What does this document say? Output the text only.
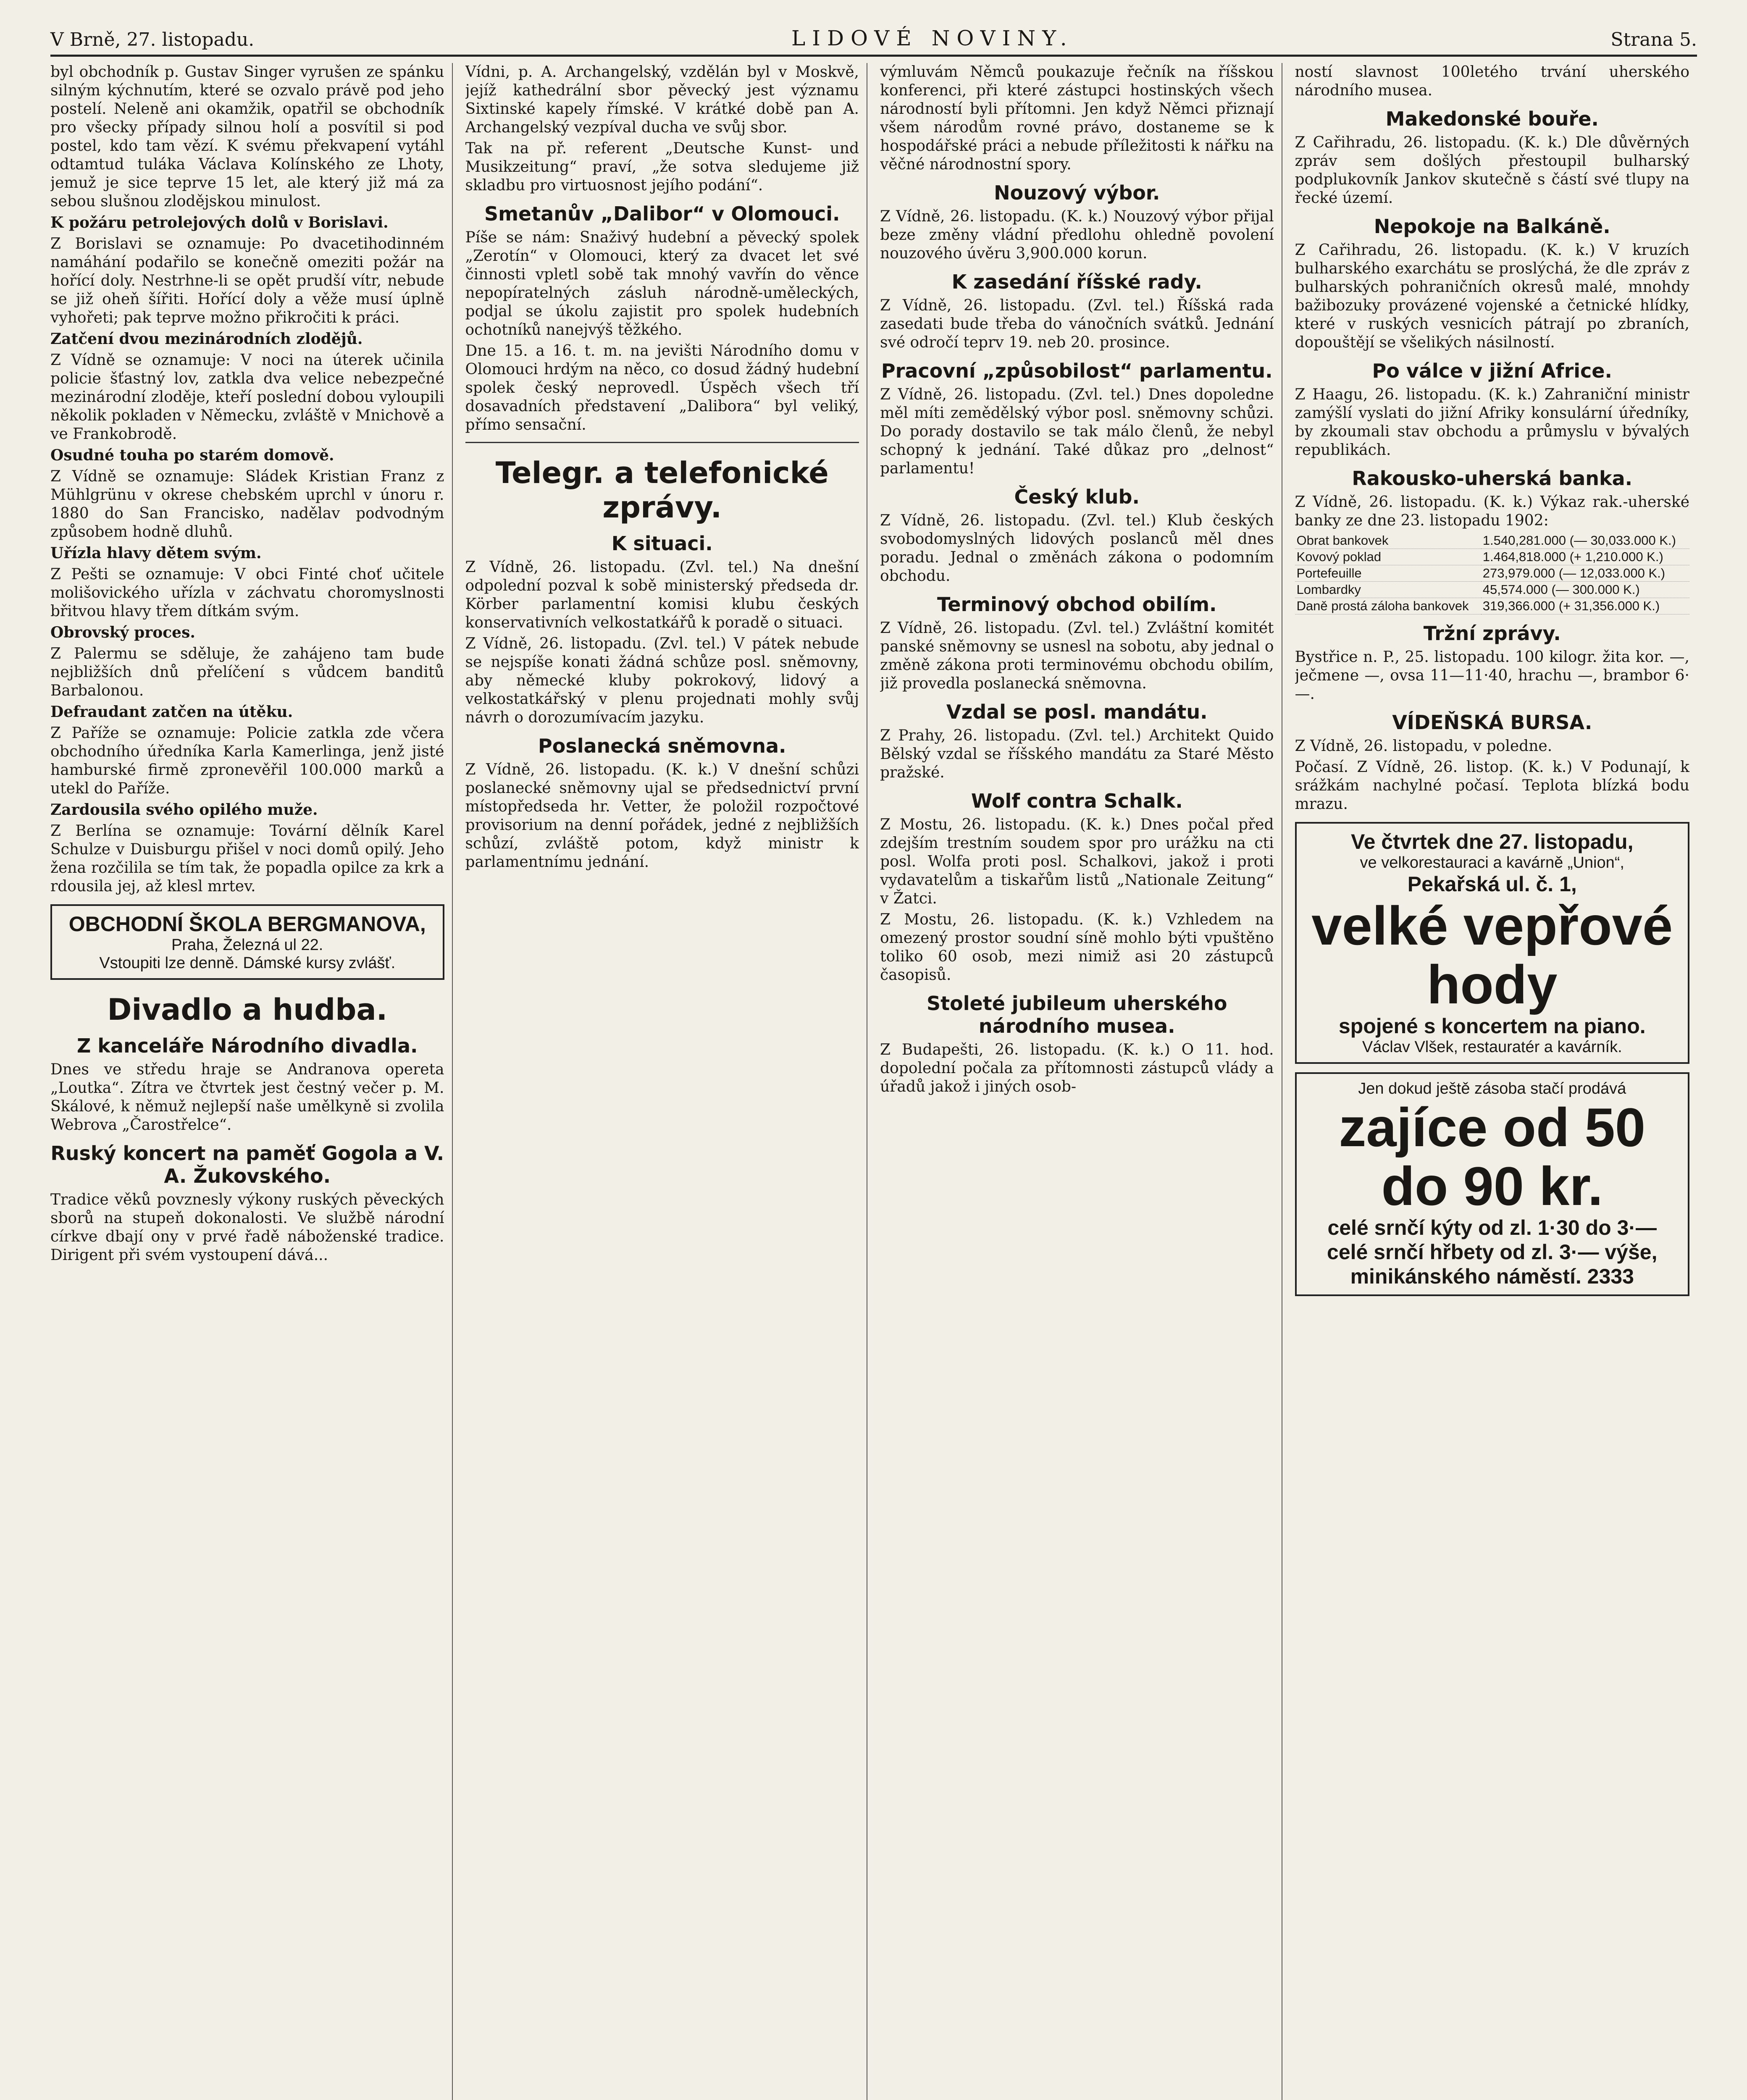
V Brně, 27. listopadu.	LIDOVÉ NOVINY.	Strana 5.

byl obchodník p. Gustav Singer vyrušen ze spánku silným kýchnutím, které se ozvalo právě pod jeho postelí. Neleně ani okamžik, opatřil se obchodník pro všecky případy silnou holí a posvítil si pod postel, kdo tam vězí. K svému překvapení vytáhl odtamtud tuláka Václava Kolínského ze Lhoty, jemuž je sice teprve 15 let, ale který již má za sebou slušnou zlodějskou minulost.

K požáru petrolejových dolů v Borislavi.

Z Borislavi se oznamuje: Po dvacetihodinném namáhání podařilo se konečně omeziti požár na hořící doly. Nestrhne-li se opět prudší vítr, nebude se již oheň šířiti. Hořící doly a věže musí úplně vyhořeti; pak teprve možno přikročiti k práci.

Zatčení dvou mezinárodních zlodějů.

Z Vídně se oznamuje: V noci na úterek učinila policie šťastný lov, zatkla dva velice nebezpečné mezinárodní zloděje, kteří poslední dobou vyloupili několik pokladen v Německu, zvláště v Mnichově a ve Frankobrodě.

Osudné touha po starém domově.

Z Vídně se oznamuje: Sládek Kristian Franz z Mühlgrünu v okrese chebském uprchl v únoru r. 1880 do San Francisko, nadělav podvodným způsobem hodně dluhů.

Uřízla hlavy dětem svým.

Z Pešti se oznamuje: V obci Finté choť učitele molišovického uřízla v záchvatu choromyslnosti břitvou hlavy třem dítkám svým.

Obrovský proces.

Z Palermu se sděluje, že zahájeno tam bude nejbližších dnů přelíčení s vůdcem banditů Barbalonou.

Defraudant zatčen na útěku.

Z Paříže se oznamuje: Policie zatkla zde včera obchodního úředníka Karla Kamerlinga, jenž jisté hamburské firmě zpronevěřil 100.000 marků a utekl do Paříže.

Zardousila svého opilého muže.

Z Berlína se oznamuje: Tovární dělník Karel Schulze v Duisburgu přišel v noci domů opilý. Jeho žena rozčilila se tím tak, že popadla opilce za krk a rdousila jej, až klesl mrtev.

OBCHODNÍ ŠKOLA BERGMANOVA,
Praha, Železná ul 22.
Vstoupiti lze denně. Dámské kursy zvlášť.
Divadlo a hudba.
Z kanceláře Národního divadla.

Dnes ve středu hraje se Andranova opereta „Loutka“. Zítra ve čtvrtek jest čestný večer p. M. Skálové, k němuž nejlepší naše umělkyně si zvolila Webrova „Čarostřelce“.

Ruský koncert na paměť Gogola a V. A. Žukovského.

Tradice věků povznesly výkony ruských pěveckých sborů na stupeň dokonalosti. Ve službě národní církve dbají ony v prvé řadě náboženské tradice. Dirigent při svém vystoupení dává...

Vídni, p. A. Archangelský, vzdělán byl v Moskvě, jejíž kathedrální sbor pěvecký jest významu Sixtinské kapely římské. V krátké době pan A. Archangelský vezpíval ducha ve svůj sbor.

Tak na př. referent „Deutsche Kunst- und Musikzeitung“ praví, „že sotva sledujeme již skladbu pro virtuosnost jejího podání“.

Smetanův „Dalibor“ v Olomouci.

Píše se nám: Snaživý hudební a pěvecký spolek „Zerotín“ v Olomouci, který za dvacet let své činnosti vpletl sobě tak mnohý vavřín do věnce nepopíratelných zásluh národně-uměleckých, podjal se úkolu zajistit pro spolek hudebních ochotníků nanejvýš těžkého.

Dne 15. a 16. t. m. na jevišti Národního domu v Olomouci hrdým na něco, co dosud žádný hudební spolek český neprovedl. Úspěch všech tří dosavadních představení „Dalibora“ byl veliký, přímo sensační.

Telegr. a telefonické zprávy.
K situaci.

Z Vídně, 26. listopadu. (Zvl. tel.) Na dnešní odpolední pozval k sobě ministerský předseda dr. Körber parlamentní komisi klubu českých konservativních velkostatkářů k poradě o situaci.

Z Vídně, 26. listopadu. (Zvl. tel.) V pátek nebude se nejspíše konati žádná schůze posl. sněmovny, aby německé kluby pokrokový, lidový a velkostatkářský v plenu projednati mohly svůj návrh o dorozumívacím jazyku.

Poslanecká sněmovna.

Z Vídně, 26. listopadu. (K. k.) V dnešní schůzi poslanecké sněmovny ujal se předsednictví první místopředseda hr. Vetter, že položil rozpočtové provisorium na denní pořádek, jedné z nejbližších schůzí, zvláště potom, když ministr k parlamentnímu jednání.

výmluvám Němců poukazuje řečník na říšskou konferenci, při které zástupci hostinských všech národností byli přítomni. Jen když Němci přiznají všem národům rovné právo, dostaneme se k hospodářské práci a nebude příležitosti k nářku na věčné národnostní spory.

Nouzový výbor.

Z Vídně, 26. listopadu. (K. k.) Nouzový výbor přijal beze změny vládní předlohu ohledně povolení nouzového úvěru 3,900.000 korun.

K zasedání říšské rady.

Z Vídně, 26. listopadu. (Zvl. tel.) Říšská rada zasedati bude třeba do vánočních svátků. Jednání své odročí teprv 19. neb 20. prosince.

Pracovní „způsobilost“ parlamentu.

Z Vídně, 26. listopadu. (Zvl. tel.) Dnes dopoledne měl míti zemědělský výbor posl. sněmovny schůzi. Do porady dostavilo se tak málo členů, že nebyl schopný k jednání. Také důkaz pro „delnost“ parlamentu!

Český klub.

Z Vídně, 26. listopadu. (Zvl. tel.) Klub českých svobodomyslných lidových poslanců měl dnes poradu. Jednal o změnách zákona o podomním obchodu.

Terminový obchod obilím.

Z Vídně, 26. listopadu. (Zvl. tel.) Zvláštní komitét panské sněmovny se usnesl na sobotu, aby jednal o změně zákona proti terminovému obchodu obilím, již provedla poslanecká sněmovna.

Vzdal se posl. mandátu.

Z Prahy, 26. listopadu. (Zvl. tel.) Architekt Quido Bělský vzdal se říšského mandátu za Staré Město pražské.

Wolf contra Schalk.

Z Mostu, 26. listopadu. (K. k.) Dnes počal před zdejším trestním soudem spor pro urážku na cti posl. Wolfa proti posl. Schalkovi, jakož i proti vydavatelům a tiskařům listů „Nationale Zeitung“ v Žatci.

Z Mostu, 26. listopadu. (K. k.) Vzhledem na omezený prostor soudní síně mohlo býti vpuštěno toliko 60 osob, mezi nimiž asi 20 zástupců časopisů.

Stoleté jubileum uherského národního musea.

Z Budapešti, 26. listopadu. (K. k.) O 11. hod. dopolední počala za přítomnosti zástupců vlády a úřadů jakož i jiných osob-

ností slavnost 100letého trvání uherského národního musea.

Makedonské bouře.

Z Cařihradu, 26. listopadu. (K. k.) Dle důvěrných zpráv sem došlých přestoupil bulharský podplukovník Jankov skutečně s částí své tlupy na řecké území.

Nepokoje na Balkáně.

Z Cařihradu, 26. listopadu. (K. k.) V kruzích bulharského exarchátu se proslýchá, že dle zpráv z bulharských pohraničních okresů malé, mnohdy bažibozuky provázené vojenské a četnické hlídky, které v ruských vesnicích pátrají po zbraních, dopouštějí se všelikých násilností.

Po válce v jižní Africe.

Z Haagu, 26. listopadu. (K. k.) Zahraniční ministr zamýšlí vyslati do jižní Afriky konsulární úředníky, by zkoumali stav obchodu a průmyslu v bývalých republikách.

Rakousko-uherská banka.

Z Vídně, 26. listopadu. (K. k.) Výkaz rak.-uherské banky ze dne 23. listopadu 1902:

Obrat bankovek	1.540,281.000 (— 30,033.000 K.)
Kovový poklad	1.464,818.000 (+ 1,210.000 K.)
Portefeuille	273,979.000 (— 12,033.000 K.)
Lombardky	45,574.000 (— 300.000 K.)
Daně prostá záloha bankovek	319,366.000 (+ 31,356.000 K.)
Tržní zprávy.

Bystřice n. P., 25. listopadu. 100 kilogr. žita kor. —, ječmene —, ovsa 11—11·40, hrachu —, brambor 6·—.

VÍDEŇSKÁ BURSA.

Z Vídně, 26. listopadu, v poledne.

Počasí. Z Vídně, 26. listop. (K. k.) V Podunají, k srážkám nachylné počasí. Teplota blízká bodu mrazu.

Ve čtvrtek dne 27. listopadu,
ve velkorestauraci a kavárně „Union“,
Pekařská ul. č. 1,
velké vepřové hody
spojené s koncertem na piano.
Václav Vlšek, restauratér a kavárník.
Jen dokud ještě zásoba stačí prodává
zajíce od 50 do 90 kr.
celé srnčí kýty od zl. 1·30 do 3·—
celé srnčí hřbety od zl. 3·— výše,
minikánského náměstí. 2333
